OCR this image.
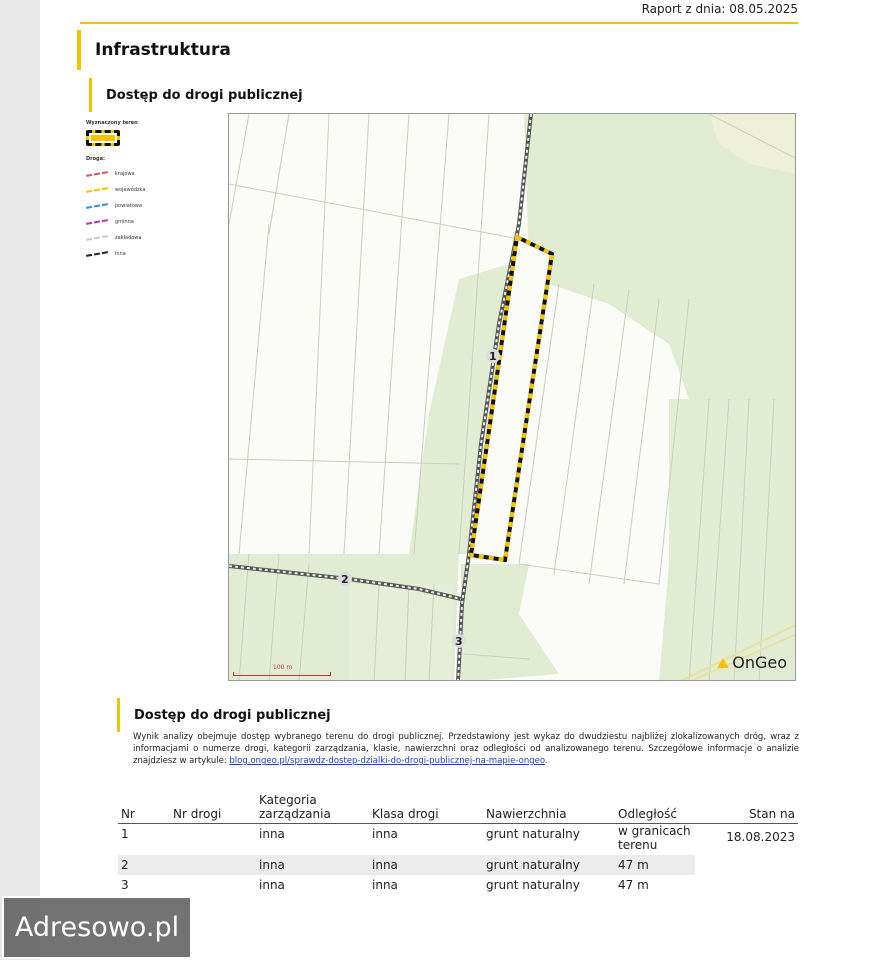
Raport z dnia: 08.05.2025
Infrastruktura
Dostęp do drogi publicznej
Wyznaczony teren
Droga:
krajowa
wojewódzka
powiatowa
gminna
zakładowa
inna
1
2
3
100 m	OnGeo
Dostęp do drogi publicznej
Wynik analizy obejmuje dostęp wybranego terenu do drogi publicznej. Przedstawiony jest wykaz do dwudziestu najbliżej zlokalizowanych dróg, wraz z informacjami o numerze drogi, kategorii zarządzania, klasie, nawierzchni oraz odległości od analizowanego terenu. Szczegółowe informacje o analizie znajdziesz w artykule: blog.ongeo.pl/sprawdz-dostep-dzialki-do-drogi-publicznej-na-mapie-ongeo.
Nr	Nr drogi	Kategoria zarządzania	Klasa drogi	Nawierzchnia	Odległość	Stan na
1		inna	inna	grunt naturalny	w granicach terenu	18.08.2023
2		inna	inna	grunt naturalny	47 m	
3		inna	inna	grunt naturalny	47 m	
Adresowo.pl
